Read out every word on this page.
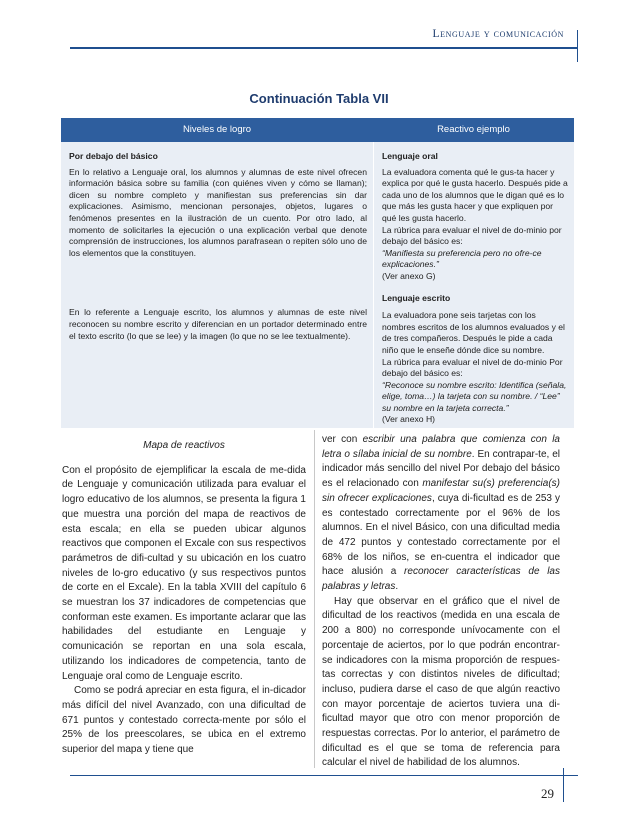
Lenguaje y comunicación
Continuación Tabla VII
Niveles de logro	Reactivo ejemplo
Por debajo del básico
En lo relativo a Lenguaje oral, los alumnos y alumnas de este nivel ofrecen información básica sobre su familia (con quiénes viven y cómo se llaman); dicen su nombre completo y manifiestan sus preferencias sin dar explicaciones. Asimismo, mencionan personajes, objetos, lugares o fenómenos presentes en la ilustración de un cuento. Por otro lado, al momento de solicitarles la ejecución o una explicación verbal que denote comprensión de instrucciones, los alumnos parafrasean o repiten sólo uno de los elementos que la constituyen.
En lo referente a Lenguaje escrito, los alumnos y alumnas de este nivel reconocen su nombre escrito y diferencian en un portador determinado entre el texto escrito (lo que se lee) y la imagen (lo que no se lee textualmente).
Lenguaje oral
La evaluadora comenta qué le gus-ta hacer y explica por qué le gusta hacerlo. Después pide a cada uno de los alumnos que le digan qué es lo que más les gusta hacer y que expliquen por qué les gusta hacerlo.
La rúbrica para evaluar el nivel de do-minio por debajo del básico es:
“Manifiesta su preferencia pero no ofre-ce explicaciones.”
(Ver anexo G)
Lenguaje escrito
La evaluadora pone seis tarjetas con los nombres escritos de los alumnos evaluados y el de tres compañeros. Después le pide a cada niño que le enseñe dónde dice su nombre.
La rúbrica para evaluar el nivel de do-minio Por debajo del básico es:
“Reconoce su nombre escrito: Identifica (señala, elige, toma…) la tarjeta con su nombre. / “Lee” su nombre en la tarjeta correcta.”
(Ver anexo H)

Mapa de reactivos

Con el propósito de ejemplificar la escala de me-dida de Lenguaje y comunicación utilizada para evaluar el logro educativo de los alumnos, se presenta la figura 1 que muestra una porción del mapa de reactivos de esta escala; en ella se pueden ubicar algunos reactivos que componen el Excale con sus respectivos parámetros de difi-cultad y su ubicación en los cuatro niveles de lo-gro educativo (y sus respectivos puntos de corte en el Excale). En la tabla XVIII del capítulo 6 se muestran los 37 indicadores de competencias que conforman este examen. Es importante aclarar que las habilidades del estudiante en Lenguaje y comunicación se reportan en una sola escala, utilizando los indicadores de competencia, tanto de Lenguaje oral como de Lenguaje escrito.

Como se podrá apreciar en esta figura, el in-dicador más difícil del nivel Avanzado, con una dificultad de 671 puntos y contestado correcta-mente por sólo el 25% de los preescolares, se ubica en el extremo superior del mapa y tiene que

ver con escribir una palabra que comienza con la letra o sílaba inicial de su nombre. En contrapar-te, el indicador más sencillo del nivel Por debajo del básico es el relacionado con manifestar su(s) preferencia(s) sin ofrecer explicaciones, cuya di-ficultad es de 253 y es contestado correctamente por el 96% de los alumnos. En el nivel Básico, con una dificultad media de 472 puntos y contestado correctamente por el 68% de los niños, se en-cuentra el indicador que hace alusión a reconocer características de las palabras y letras.

Hay que observar en el gráfico que el nivel de dificultad de los reactivos (medida en una escala de 200 a 800) no corresponde unívocamente con el porcentaje de aciertos, por lo que podrán encontrar-se indicadores con la misma proporción de respues-tas correctas y con distintos niveles de dificultad; incluso, pudiera darse el caso de que algún reactivo con mayor porcentaje de aciertos tuviera una di-ficultad mayor que otro con menor proporción de respuestas correctas. Por lo anterior, el parámetro de dificultad es el que se toma de referencia para calcular el nivel de habilidad de los alumnos.

29
